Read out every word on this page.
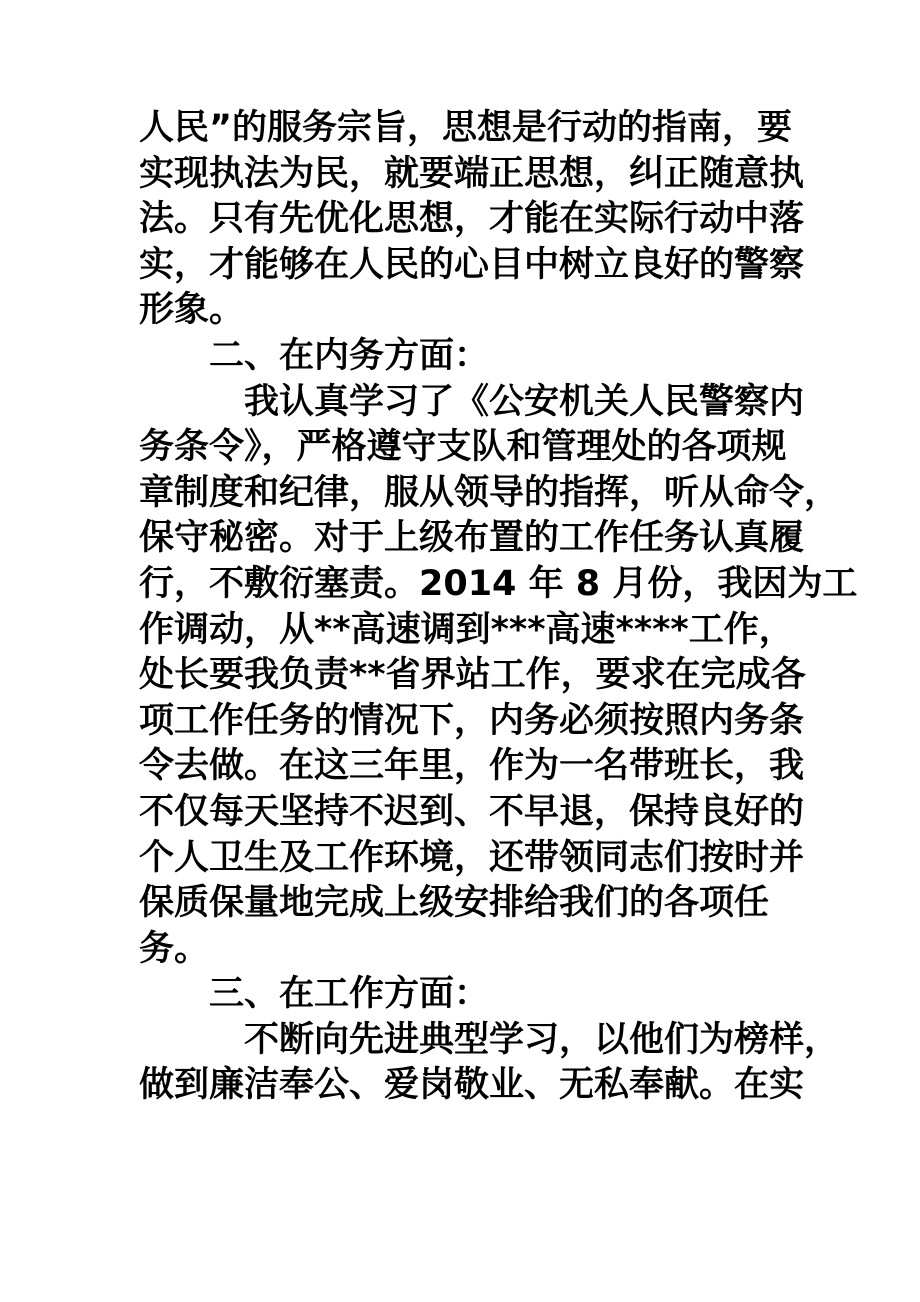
人民”的服务宗旨，思想是行动的指南，要
实现执法为民，就要端正思想，纠正随意执
法。只有先优化思想，才能在实际行动中落
实，才能够在人民的心目中树立良好的警察
形象。
二、在内务方面：
我认真学习了《公安机关人民警察内
务条令》，严格遵守支队和管理处的各项规
章制度和纪律，服从领导的指挥，听从命令，
保守秘密。对于上级布置的工作任务认真履
行，不敷衍塞责。2014 年 8 月份，我因为工
作调动，从**高速调到***高速****工作，
处长要我负责**省界站工作，要求在完成各
项工作任务的情况下，内务必须按照内务条
令去做。在这三年里，作为一名带班长，我
不仅每天坚持不迟到、不早退，保持良好的
个人卫生及工作环境，还带领同志们按时并
保质保量地完成上级安排给我们的各项任
务。
三、在工作方面：
不断向先进典型学习，以他们为榜样，
做到廉洁奉公、爱岗敬业、无私奉献。在实
